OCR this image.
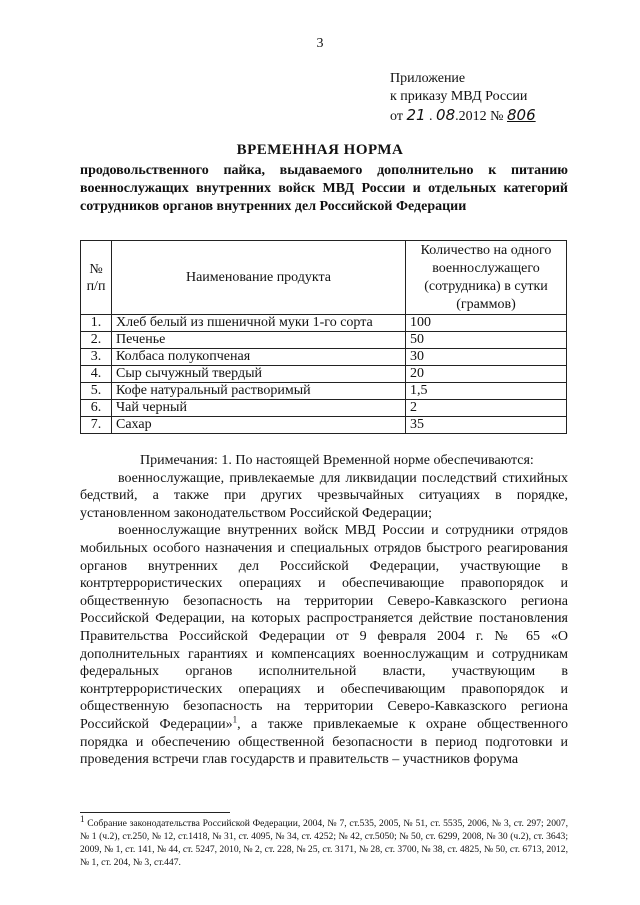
3
Приложение
к приказу МВД России
от 21 . 08.2012 № 806
ВРЕМЕННАЯ НОРМА
продовольственного пайка, выдаваемого дополнительно к питанию военнослужащих внутренних войск МВД России и отдельных категорий сотрудников органов внутренних дел Российской Федерации
№ п/п	Наименование продукта	Количество на одного военнослужащего (сотрудника) в сутки (граммов)
1.	Хлеб белый из пшеничной муки 1-го сорта	100
2.	Печенье	50
3.	Колбаса полукопченая	30
4.	Сыр сычужный твердый	20
5.	Кофе натуральный растворимый	1,5
6.	Чай черный	2
7.	Сахар	35

Примечания: 1. По настоящей Временной норме обеспечиваются:

военнослужащие, привлекаемые для ликвидации последствий стихийных бедствий, а также при других чрезвычайных ситуациях в порядке, установленном законодательством Российской Федерации;

военнослужащие внутренних войск МВД России и сотрудники отрядов мобильных особого назначения и специальных отрядов быстрого реагирования органов внутренних дел Российской Федерации, участвующие в контртеррористических операциях и обеспечивающие правопорядок и общественную безопасность на территории Северо-Кавказского региона Российской Федерации, на которых распространяется действие постановления Правительства Российской Федерации от 9 февраля 2004 г. № 65 «О дополнительных гарантиях и компенсациях военнослужащим и сотрудникам федеральных органов исполнительной власти, участвующим в контртеррористических операциях и обеспечивающим правопорядок и общественную безопасность на территории Северо-Кавказского региона Российской Федерации»$^1$, а также привлекаемые к охране общественного порядка и обеспечению общественной безопасности в период подготовки и проведения встречи глав государств и правительств – участников форума

$^1$ Собрание законодательства Российской Федерации, 2004, № 7, ст.535, 2005, № 51, ст. 5535, 2006, № 3, ст. 297; 2007, № 1 (ч.2), ст.250, № 12, ст.1418, № 31, ст. 4095, № 34, ст. 4252; № 42, ст.5050; № 50, ст. 6299, 2008, № 30 (ч.2), ст. 3643; 2009, № 1, ст. 141, № 44, ст. 5247, 2010, № 2, ст. 228, № 25, ст. 3171, № 28, ст. 3700, № 38, ст. 4825, № 50, ст. 6713, 2012, № 1, ст. 204, № 3, ст.447.
